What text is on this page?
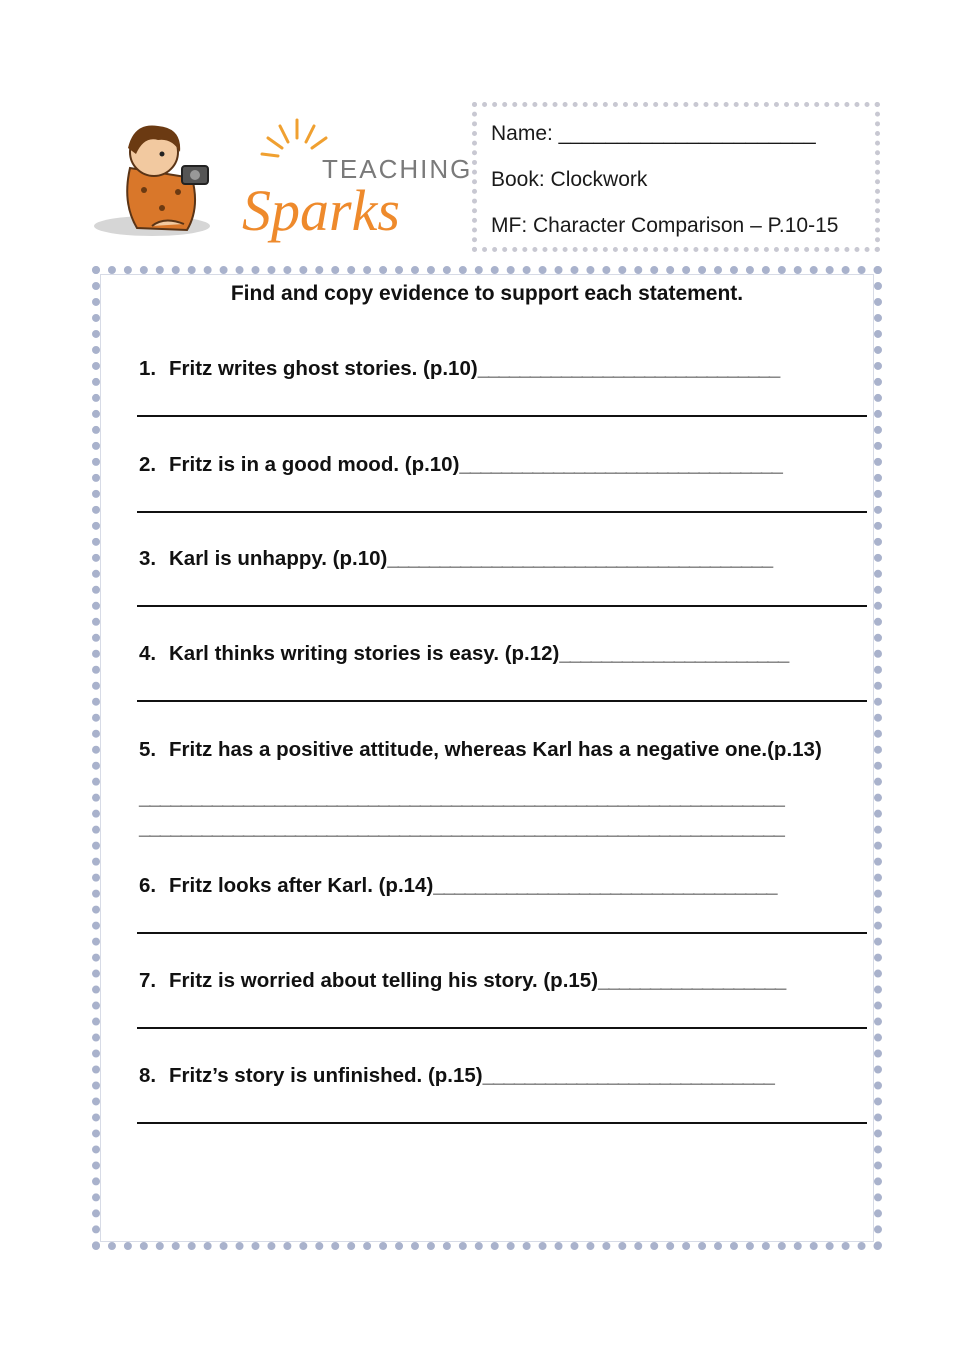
TEACHING
Sparks
Name: ______________________
Book: Clockwork
MF: Character Comparison – P.10-15
Find and copy evidence to support each statement.
1. Fritz writes ghost stories. (p.10)_____________________________
2. Fritz is in a good mood. (p.10)_______________________________
3. Karl is unhappy. (p.10)_____________________________________
4. Karl thinks writing stories is easy. (p.12)______________________
5. Fritz has a positive attitude, whereas Karl has a negative one.(p.13)
______________________________________________________________
______________________________________________________________
6. Fritz looks after Karl. (p.14)_________________________________
7. Fritz is worried about telling his story. (p.15)__________________
8. Fritz’s story is unfinished. (p.15)____________________________
